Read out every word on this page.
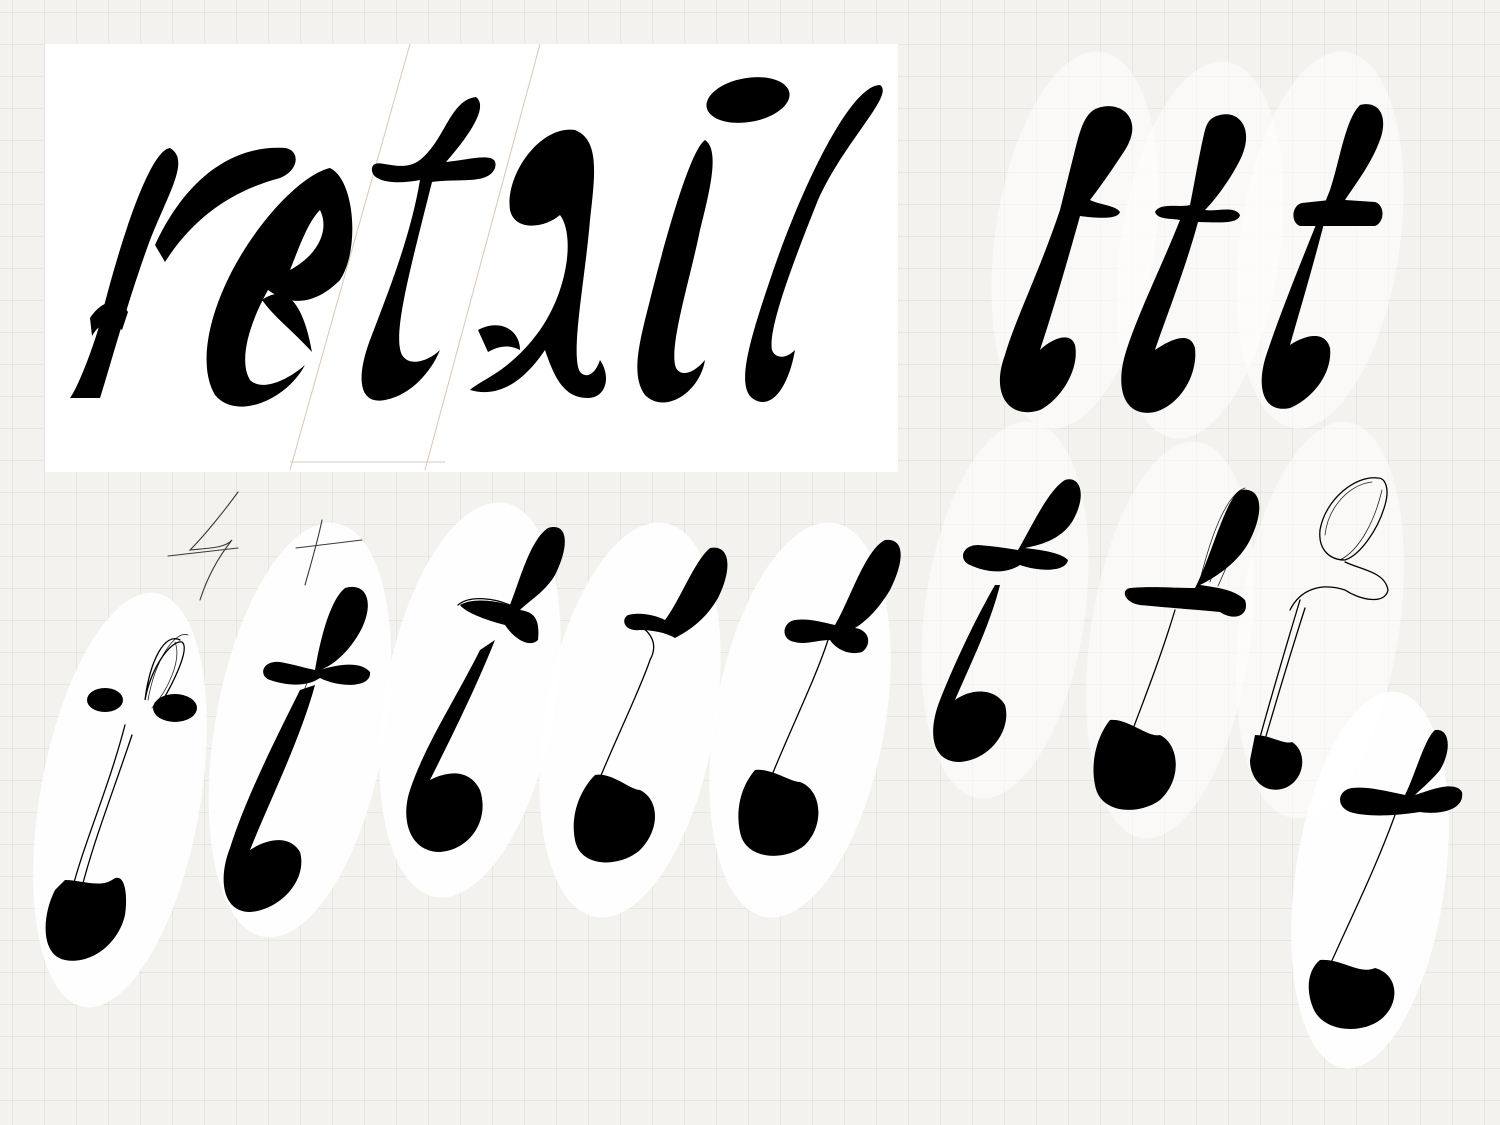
retail
